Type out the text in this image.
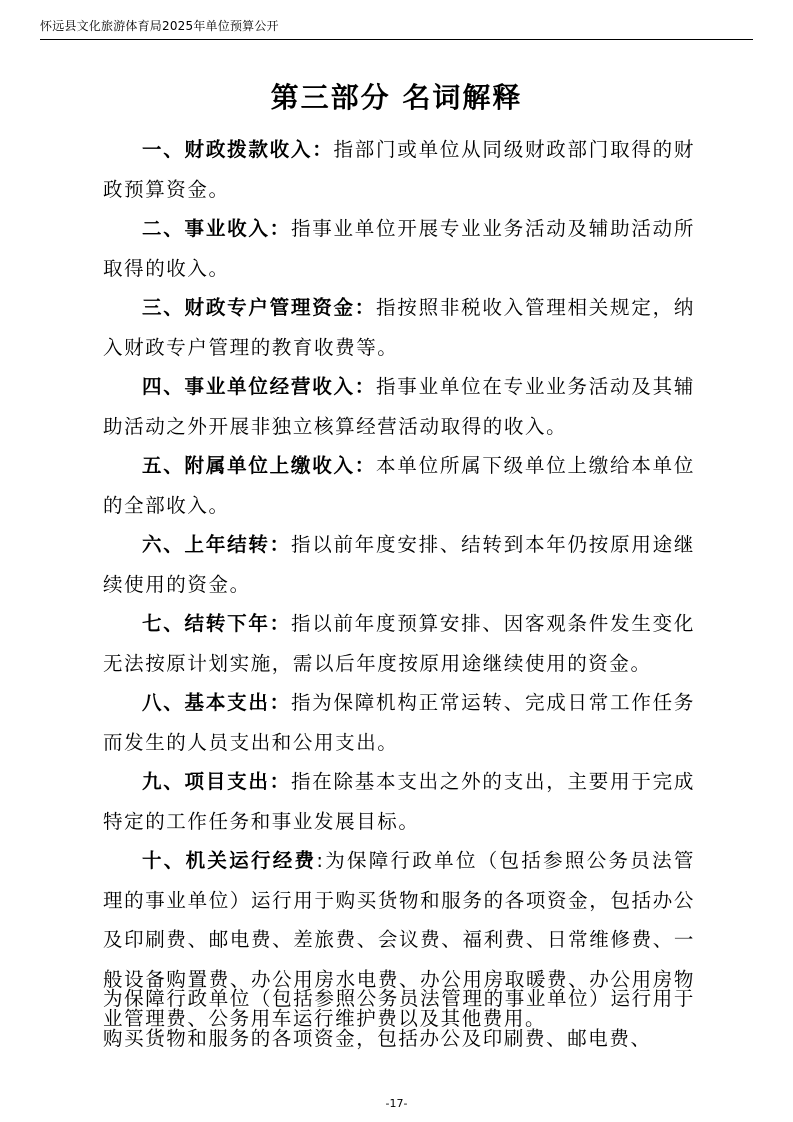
怀远县文化旅游体育局2025年单位预算公开
第三部分 名词解释

一、财政拨款收入：指部门或单位从同级财政部门取得的财政预算资金。

二、事业收入：指事业单位开展专业业务活动及辅助活动所取得的收入。

三、财政专户管理资金：指按照非税收入管理相关规定，纳入财政专户管理的教育收费等。

四、事业单位经营收入：指事业单位在专业业务活动及其辅助活动之外开展非独立核算经营活动取得的收入。

五、附属单位上缴收入：本单位所属下级单位上缴给本单位的全部收入。

六、上年结转：指以前年度安排、结转到本年仍按原用途继续使用的资金。

七、结转下年：指以前年度预算安排、因客观条件发生变化无法按原计划实施，需以后年度按原用途继续使用的资金。

八、基本支出：指为保障机构正常运转、完成日常工作任务而发生的人员支出和公用支出。

九、项目支出：指在除基本支出之外的支出，主要用于完成特定的工作任务和事业发展目标。

十、机关运行经费:为保障行政单位（包括参照公务员法管理的事业单位）运行用于购买货物和服务的各项资金，包括办公及印刷费、邮电费、差旅费、会议费、福利费、日常维修费、一般设备购置费、办公用房水电费、办公用房取暖费、办公用房物业管理费、公务用车运行维护费以及其他费用。

为保障行政单位（包括参照公务员法管理的事业单位）运行用于购买货物和服务的各项资金，包括办公及印刷费、邮电费、

-17-
